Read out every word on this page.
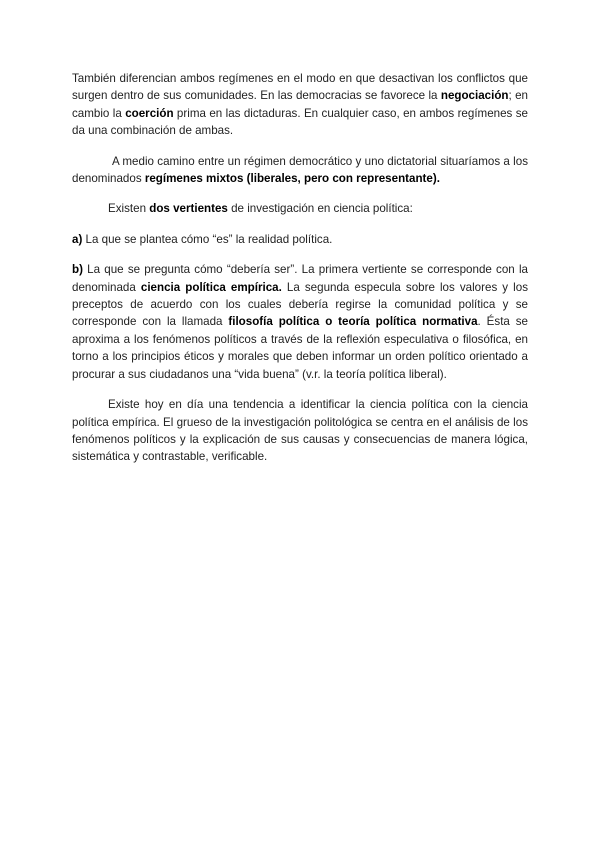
También diferencian ambos regímenes en el modo en que desactivan los conflictos que surgen dentro de sus comunidades. En las democracias se favorece la negociación; en cambio la coerción prima en las dictaduras. En cualquier caso, en ambos regímenes se da una combinación de ambas.

A medio camino entre un régimen democrático y uno dictatorial situaríamos a los denominados regímenes mixtos (liberales, pero con representante).

Existen dos vertientes de investigación en ciencia política:

a) La que se plantea cómo “es” la realidad política.

b) La que se pregunta cómo “debería ser”. La primera vertiente se corresponde con la denominada ciencia política empírica. La segunda especula sobre los valores y los preceptos de acuerdo con los cuales debería regirse la comunidad política y se corresponde con la llamada filosofía política o teoría política normativa. Ésta se aproxima a los fenómenos políticos a través de la reflexión especulativa o filosófica, en torno a los principios éticos y morales que deben informar un orden político orientado a procurar a sus ciudadanos una “vida buena” (v.r. la teoría política liberal).

Existe hoy en día una tendencia a identificar la ciencia política con la ciencia política empírica. El grueso de la investigación politológica se centra en el análisis de los fenómenos políticos y la explicación de sus causas y consecuencias de manera lógica, sistemática y contrastable, verificable.
